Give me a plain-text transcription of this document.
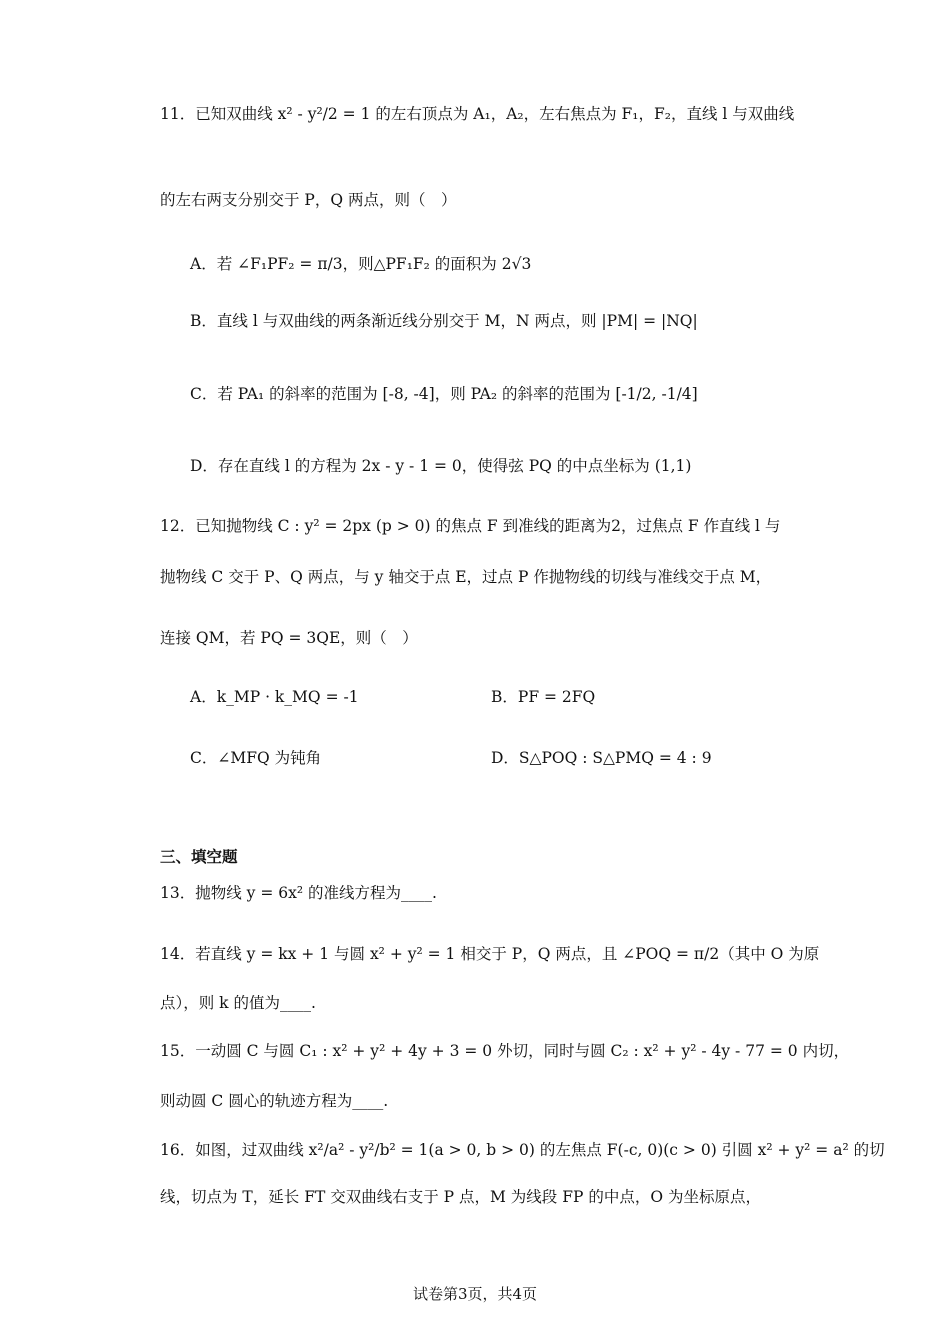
11．已知双曲线 x² - y²/2 = 1 的左右顶点为 A₁，A₂，左右焦点为 F₁，F₂，直线 l 与双曲线
的左右两支分别交于 P，Q 两点，则（　）
A．若 ∠F₁PF₂ = π/3，则△PF₁F₂ 的面积为 2√3
B．直线 l 与双曲线的两条渐近线分别交于 M，N 两点，则 |PM| = |NQ|
C．若 PA₁ 的斜率的范围为 [-8, -4]，则 PA₂ 的斜率的范围为 [-1/2, -1/4]
D．存在直线 l 的方程为 2x - y - 1 = 0，使得弦 PQ 的中点坐标为 (1,1)
12．已知抛物线 C : y² = 2px (p > 0) 的焦点 F 到准线的距离为2，过焦点 F 作直线 l 与
抛物线 C 交于 P、Q 两点，与 y 轴交于点 E，过点 P 作抛物线的切线与准线交于点 M，
连接 QM，若 PQ = 3QE，则（　）
A．k_MP · k_MQ = -1	B．PF = 2FQ
C．∠MFQ 为钝角	D．S△POQ : S△PMQ = 4 : 9
三、填空题
13．抛物线 y = 6x² 的准线方程为____.
14．若直线 y = kx + 1 与圆 x² + y² = 1 相交于 P，Q 两点，且 ∠POQ = π/2（其中 O 为原
点），则 k 的值为____.
15．一动圆 C 与圆 C₁ : x² + y² + 4y + 3 = 0 外切，同时与圆 C₂ : x² + y² - 4y - 77 = 0 内切，
则动圆 C 圆心的轨迹方程为____.
16．如图，过双曲线 x²/a² - y²/b² = 1(a > 0, b > 0) 的左焦点 F(-c, 0)(c > 0) 引圆 x² + y² = a² 的切
线，切点为 T，延长 FT 交双曲线右支于 P 点，M 为线段 FP 的中点，O 为坐标原点，
试卷第3页，共4页
